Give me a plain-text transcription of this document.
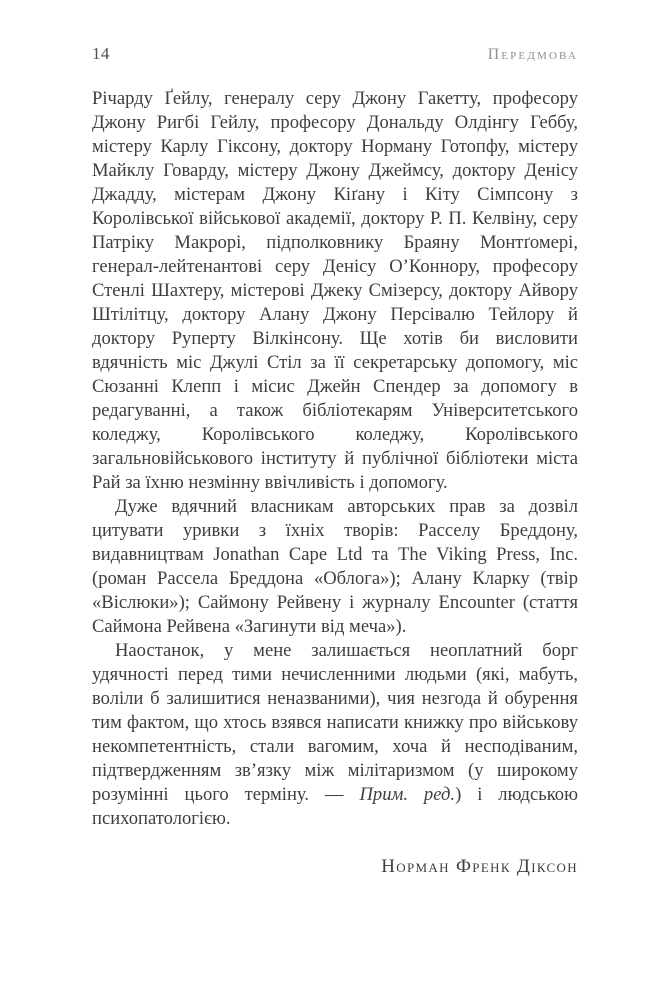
14	Передмова

Річарду Ґейлу, генералу серу Джону Гакетту, професору Джону Ригбі Гейлу, професору Дональду Олдінгу Геббу, містеру Карлу Гіксону, доктору Норману Готопфу, містеру Майклу Говарду, містеру Джону Джеймсу, доктору Денісу Джадду, містерам Джону Кіґану і Кіту Сімпсону з Королівської військової академії, доктору Р. П. Келвіну, серу Патріку Макрорі, підполковнику Браяну Монтґомері, генерал-лейтенантові серу Денісу О’Коннору, професору Стенлі Шахтеру, містерові Джеку Смізерсу, доктору Айвору Штілітцу, доктору Алану Джону Персівалю Тейлору й доктору Руперту Вілкінсону. Ще хотів би висловити вдячність міс Джулі Стіл за її секретарську допомогу, міс Сюзанні Клепп і місис Джейн Спендер за допомогу в редагуванні, а також бібліотекарям Університетського коледжу, Королівського коледжу, Королівського загальновійськового інституту й публічної бібліотеки міста Рай за їхню незмінну ввічливість і допомогу.

Дуже вдячний власникам авторських прав за дозвіл цитувати уривки з їхніх творів: Расселу Бреддону, видавництвам Jonathan Cape Ltd та The Viking Press, Inc. (роман Рассела Бреддона «Облога»); Алану Кларку (твір «Віслюки»); Саймону Рейвену і журналу Encounter (стаття Саймона Рейвена «Загинути від меча»).

Наостанок, у мене залишається неоплатний борг удячності перед тими нечисленними людьми (які, мабуть, воліли б залишитися неназваними), чия незгода й обурення тим фактом, що хтось взявся написати книжку про військову некомпетентність, стали вагомим, хоча й несподіваним, підтвердженням зв’язку між мілітаризмом (у широкому розумінні цього терміну. — Прим. ред.) і людською психопатологією.

Норман Френк Діксон
